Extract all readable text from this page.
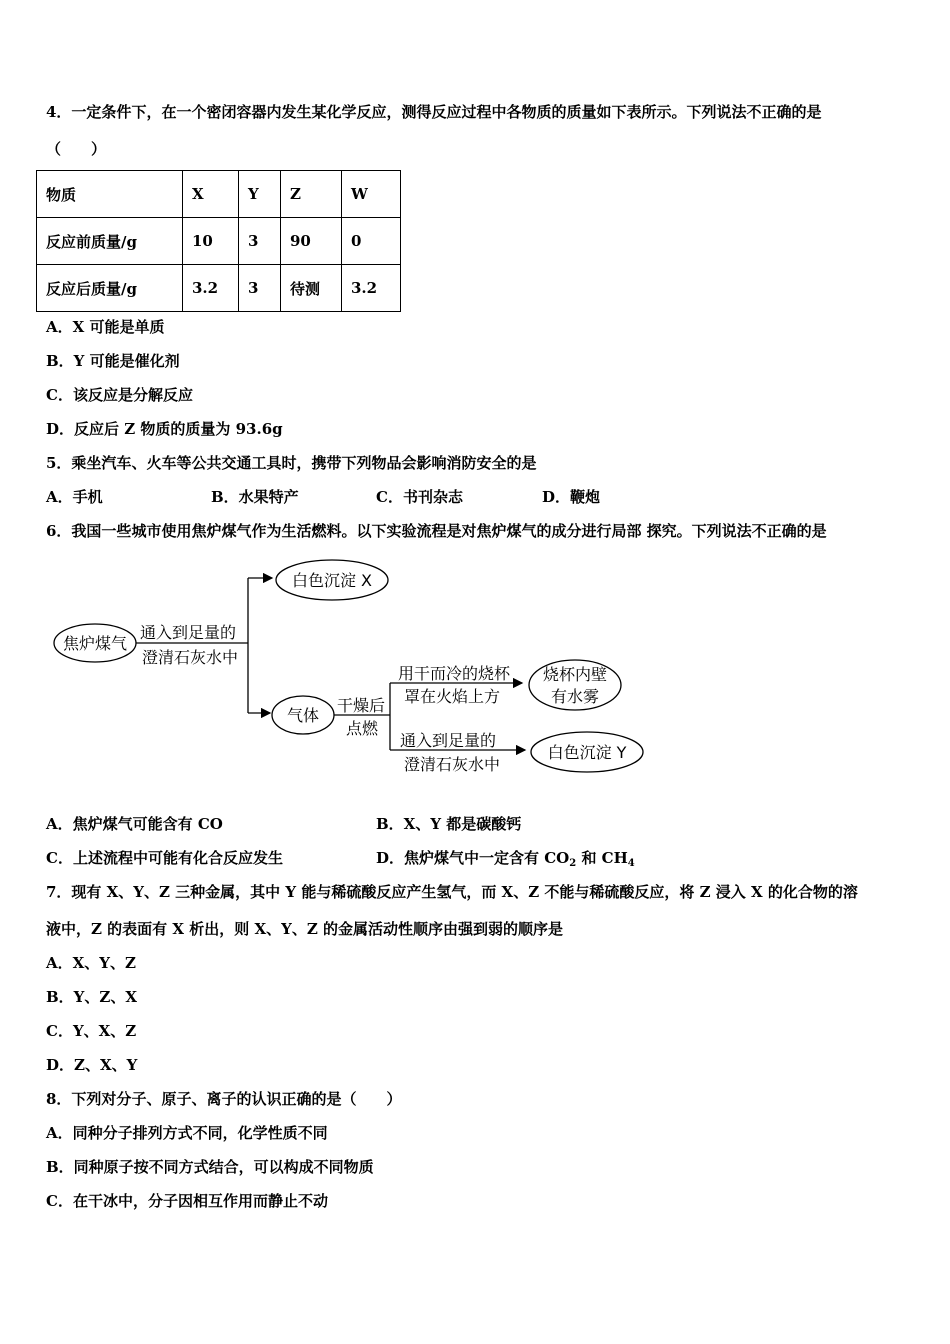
4．一定条件下，在一个密闭容器内发生某化学反应，测得反应过程中各物质的质量如下表所示。下列说法不正确的是
（　　）
物质	X	Y	Z	W
反应前质量/g	10	3	90	0
反应后质量/g	3.2	3	待测	3.2
A．X 可能是单质
B．Y 可能是催化剂
C．该反应是分解反应
D．反应后 Z 物质的质量为 93.6g
5．乘坐汽车、火车等公共交通工具时，携带下列物品会影响消防安全的是
A．手机	B．水果特产	C．书刊杂志	D．鞭炮
6．我国一些城市使用焦炉煤气作为生活燃料。以下实验流程是对焦炉煤气的成分进行局部 探究。下列说法不正确的是
焦炉煤气
通入到足量的
澄清石灰水中
白色沉淀 X
气体
干燥后
点燃
用干而冷的烧杯
罩在火焰上方
烧杯内壁
有水雾
通入到足量的
澄清石灰水中
白色沉淀 Y
A．焦炉煤气可能含有 CO	B．X、Y 都是碳酸钙
C．上述流程中可能有化合反应发生	D．焦炉煤气中一定含有 $CO_2$ 和 $CH_4$
7．现有 X、Y、Z 三种金属，其中 Y 能与稀硫酸反应产生氢气，而 X、Z 不能与稀硫酸反应，将 Z 浸入 X 的化合物的溶
液中，Z 的表面有 X 析出，则 X、Y、Z 的金属活动性顺序由强到弱的顺序是
A．X、Y、Z
B．Y、Z、X
C．Y、X、Z
D．Z、X、Y
8．下列对分子、原子、离子的认识正确的是（　　）
A．同种分子排列方式不同，化学性质不同
B．同种原子按不同方式结合，可以构成不同物质
C．在干冰中，分子因相互作用而静止不动
